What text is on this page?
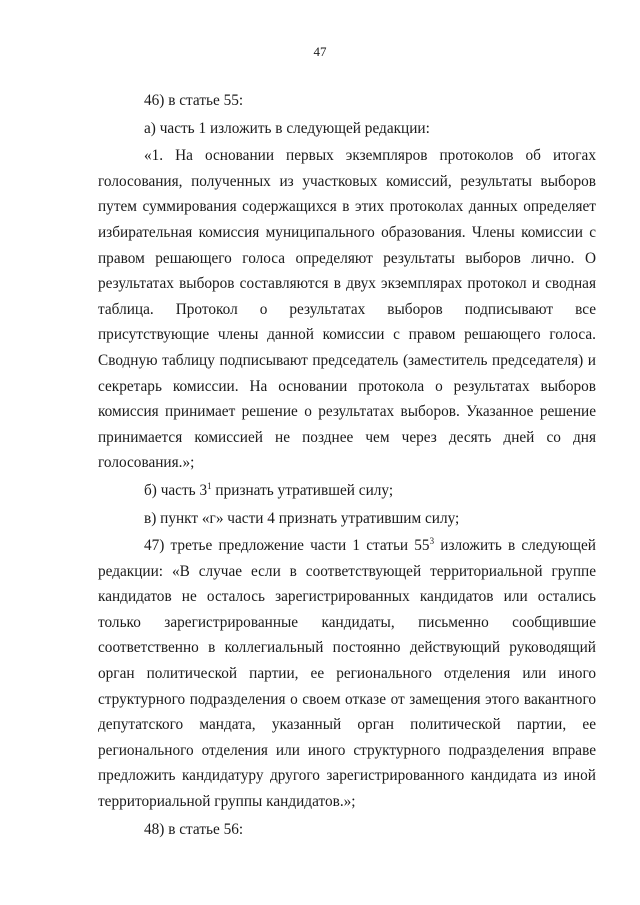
47

46) в статье 55:

а) часть 1 изложить в следующей редакции:

«1. На основании первых экземпляров протоколов об итогах голосования, полученных из участковых комиссий, результаты выборов путем суммирования содержащихся в этих протоколах данных определяет избирательная комиссия муниципального образования. Члены комиссии с правом решающего голоса определяют результаты выборов лично. О результатах выборов составляются в двух экземплярах протокол и сводная таблица. Протокол о результатах выборов подписывают все присутствующие члены данной комиссии с правом решающего голоса. Сводную таблицу подписывают председатель (заместитель председателя) и секретарь комиссии. На основании протокола о результатах выборов комиссия принимает решение о результатах выборов. Указанное решение принимается комиссией не позднее чем через десять дней со дня голосования.»;

б) часть $3^1$ признать утратившей силу;

в) пункт «г» части 4 признать утратившим силу;

47) третье предложение части 1 статьи $55^3$ изложить в следующей редакции: «В случае если в соответствующей территориальной группе кандидатов не осталось зарегистрированных кандидатов или остались только зарегистрированные кандидаты, письменно сообщившие соответственно в коллегиальный постоянно действующий руководящий орган политической партии, ее регионального отделения или иного структурного подразделения о своем отказе от замещения этого вакантного депутатского мандата, указанный орган политической партии, ее регионального отделения или иного структурного подразделения вправе предложить кандидатуру другого зарегистрированного кандидата из иной территориальной группы кандидатов.»;

48) в статье 56:
